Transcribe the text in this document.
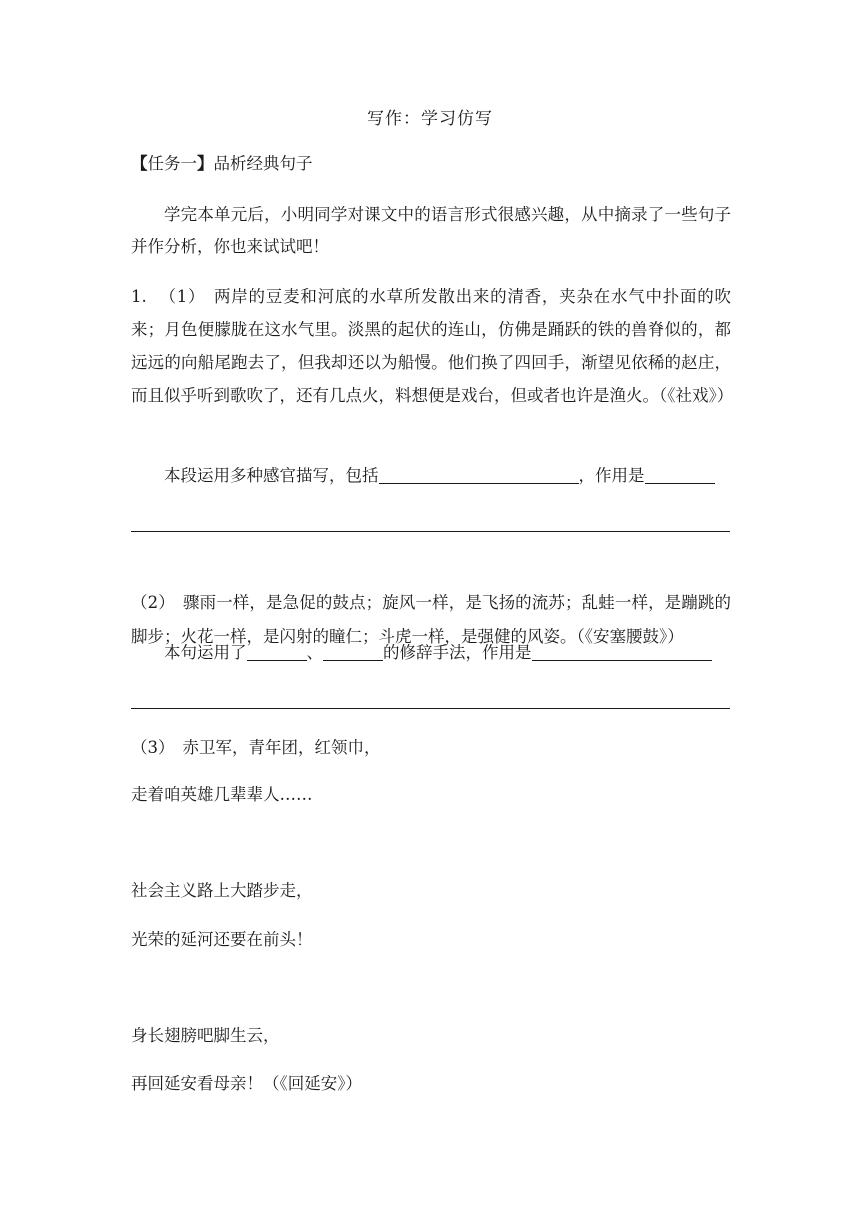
写作：学习仿写
【任务一】品析经典句子
学完本单元后，小明同学对课文中的语言形式很感兴趣，从中摘录了一些句子并作分析，你也来试试吧！
1. （1） 两岸的豆麦和河底的水草所发散出来的清香，夹杂在水气中扑面的吹来；月色便朦胧在这水气里。淡黑的起伏的连山，仿佛是踊跃的铁的兽脊似的，都远远的向船尾跑去了，但我却还以为船慢。他们换了四回手，渐望见依稀的赵庄，而且似乎听到歌吹了，还有几点火，料想便是戏台，但或者也许是渔火。（《社戏》）
本段运用多种感官描写，包括	，作用是
（2） 骤雨一样，是急促的鼓点；旋风一样，是飞扬的流苏；乱蛙一样，是蹦跳的脚步；火花一样，是闪射的瞳仁；斗虎一样，是强健的风姿。（《安塞腰鼓》）
本句运用了	、	的修辞手法，作用是
（3） 赤卫军，青年团，红领巾，
走着咱英雄几辈辈人……
社会主义路上大踏步走，
光荣的延河还要在前头！
身长翅膀吧脚生云，
再回延安看母亲！（《回延安》）
